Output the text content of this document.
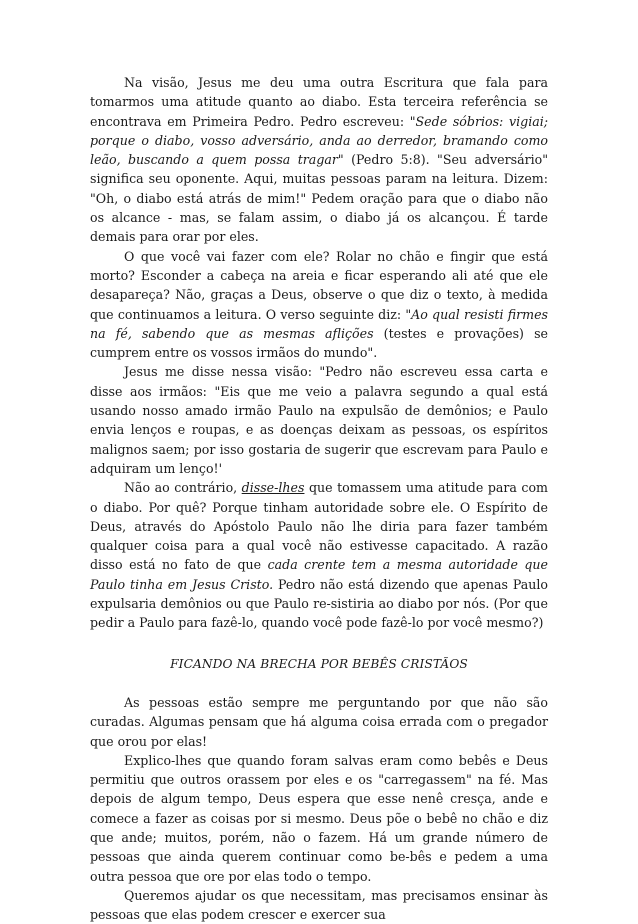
Na visão, Jesus me deu uma outra Escritura que fala para tomarmos uma atitude quanto ao diabo. Esta terceira referência se encontrava em Primeira Pedro. Pedro escreveu: "Sede sóbrios: vigiai; porque o diabo, vosso adversário, anda ao derredor, bramando como leão, buscando a quem possa tragar" (Pedro 5:8). "Seu adversário" significa seu oponente. Aqui, muitas pessoas param na leitura. Dizem: "Oh, o diabo está atrás de mim!" Pedem oração para que o diabo não os alcance - mas, se falam assim, o diabo já os alcançou. É tarde demais para orar por eles.

O que você vai fazer com ele? Rolar no chão e fingir que está morto? Esconder a cabeça na areia e ficar esperando ali até que ele desapareça? Não, graças a Deus, observe o que diz o texto, à medida que continuamos a leitura. O verso seguinte diz: "Ao qual resisti firmes na fé, sabendo que as mesmas aflições (testes e provações) se cumprem entre os vossos irmãos do mundo".

Jesus me disse nessa visão: "Pedro não escreveu essa carta e disse aos irmãos: "Eis que me veio a palavra segundo a qual está usando nosso amado irmão Paulo na expulsão de demônios; e Paulo envia lenços e roupas, e as doenças deixam as pessoas, os espíritos malignos saem; por isso gostaria de sugerir que escrevam para Paulo e adquiram um lenço!'

Não ao contrário, disse-lhes que tomassem uma atitude para com o diabo. Por quê? Porque tinham autoridade sobre ele. O Espírito de Deus, através do Apóstolo Paulo não lhe diria para fazer também qualquer coisa para a qual você não estivesse capacitado. A razão disso está no fato de que cada crente tem a mesma autoridade que Paulo tinha em Jesus Cristo. Pedro não está dizendo que apenas Paulo expulsaria demônios ou que Paulo re-sistiria ao diabo por nós. (Por que pedir a Paulo para fazê-lo, quando você pode fazê-lo por você mesmo?)

FICANDO NA BRECHA POR BEBÊS CRISTÃOS

As pessoas estão sempre me perguntando por que não são curadas. Algumas pensam que há alguma coisa errada com o pregador que orou por elas!

Explico-lhes que quando foram salvas eram como bebês e Deus permitiu que outros orassem por eles e os "carregassem" na fé. Mas depois de algum tempo, Deus espera que esse nenê cresça, ande e comece a fazer as coisas por si mesmo. Deus põe o bebê no chão e diz que ande; muitos, porém, não o fazem. Há um grande número de pessoas que ainda querem continuar como be-bês e pedem a uma outra pessoa que ore por elas todo o tempo.

Queremos ajudar os que necessitam, mas precisamos ensinar às pessoas que elas podem crescer e exercer sua
